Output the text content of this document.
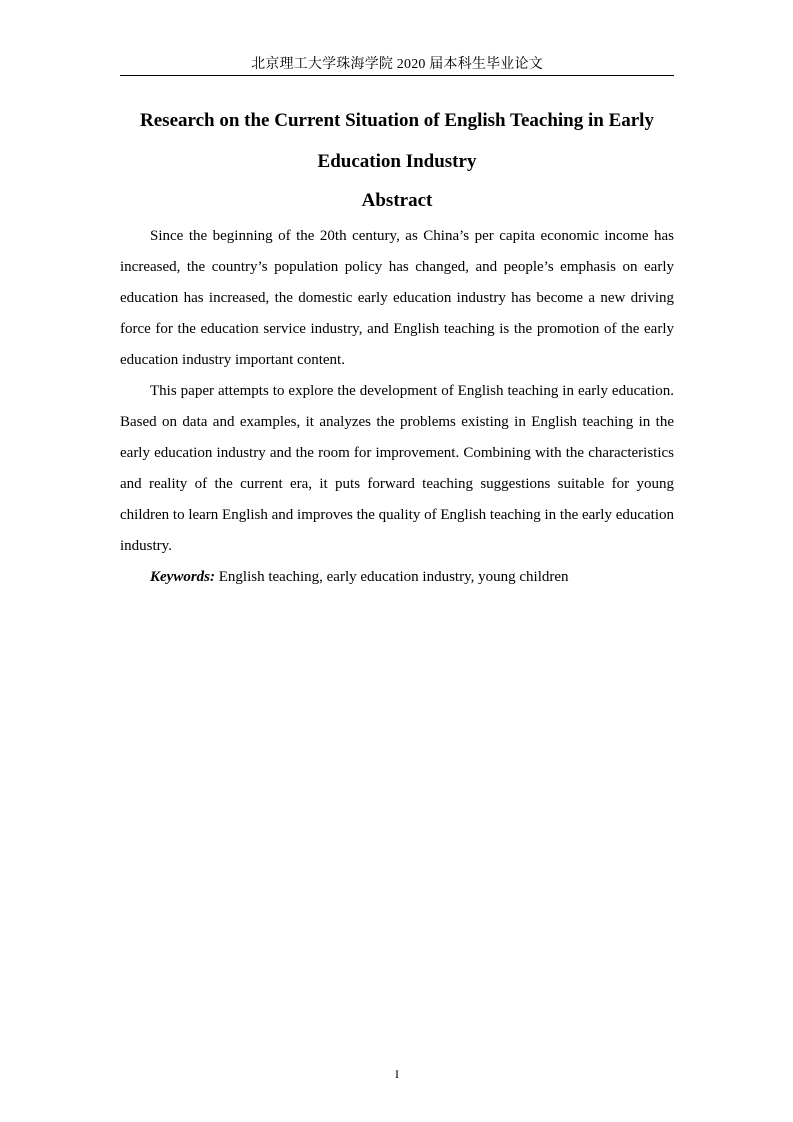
北京理工大学珠海学院 2020 届本科生毕业论文
Research on the Current Situation of English Teaching in Early Education Industry
Abstract

Since the beginning of the 20th century, as China’s per capita economic income has increased, the country’s population policy has changed, and people’s emphasis on early education has increased, the domestic early education industry has become a new driving force for the education service industry, and English teaching is the promotion of the early education industry important content.

This paper attempts to explore the development of English teaching in early education. Based on data and examples, it analyzes the problems existing in English teaching in the early education industry and the room for improvement. Combining with the characteristics and reality of the current era, it puts forward teaching suggestions suitable for young children to learn English and improves the quality of English teaching in the early education industry.

Keywords: English teaching, early education industry, young children

I
